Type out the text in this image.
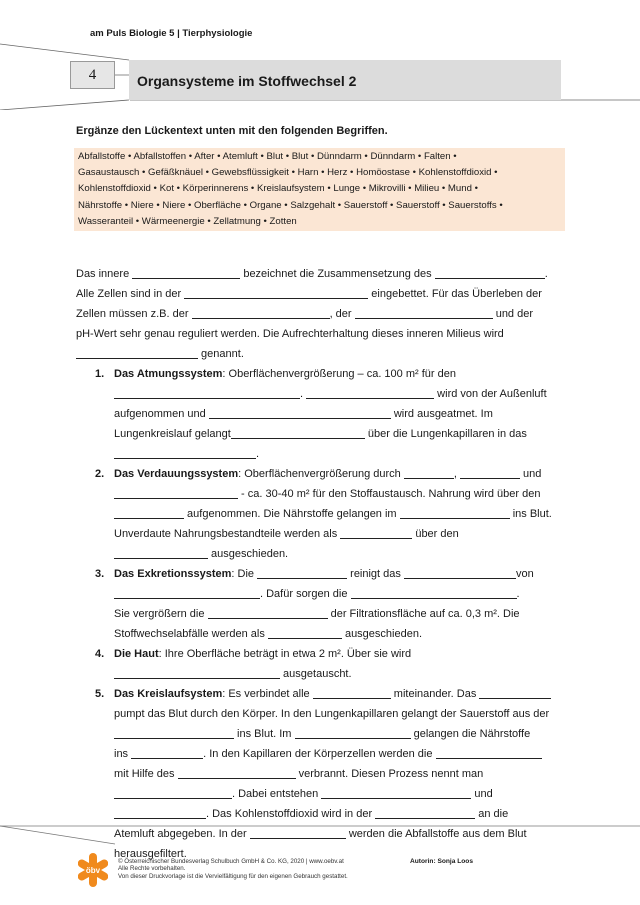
am Puls Biologie 5 | Tierphysiologie
4	Organsysteme im Stoffwechsel 2
Ergänze den Lückentext unten mit den folgenden Begriffen.
Abfallstoffe • Abfallstoffen • After • Atemluft • Blut • Blut • Dünndarm • Dünndarm • Falten •
Gasaustausch • Gefäßknäuel • Gewebsflüssigkeit • Harn • Herz • Homöostase • Kohlenstoffdioxid •
Kohlenstoffdioxid • Kot • Körperinnerens • Kreislaufsystem • Lunge • Mikrovilli • Milieu • Mund •
Nährstoffe • Niere • Niere • Oberfläche • Organe • Salzgehalt • Sauerstoff • Sauerstoff • Sauerstoffs •
Wasseranteil • Wärmeenergie • Zellatmung • Zotten
Das innere	bezeichnet die Zusammensetzung des	.
Alle Zellen sind in der	eingebettet. Für das Überleben der
Zellen müssen z.B. der	, der	und der
pH-Wert sehr genau reguliert werden. Die Aufrechterhaltung dieses inneren Milieus wird
genannt.
1. Das Atmungssystem: Oberflächenvergrößerung – ca. 100 m² für den
.	wird von der Außenluft
aufgenommen und	wird ausgeatmet. Im
Lungenkreislauf gelangt	über die Lungenkapillaren in das
.
2. Das Verdauungssystem: Oberflächenvergrößerung durch	,	und
- ca. 30-40 m² für den Stoffaustausch. Nahrung wird über den
aufgenommen. Die Nährstoffe gelangen im	ins Blut.
Unverdaute Nahrungsbestandteile werden als	über den
ausgeschieden.
3. Das Exkretionssystem: Die	reinigt das	von
. Dafür sorgen die	.
Sie vergrößern die	der Filtrationsfläche auf ca. 0,3 m². Die
Stoffwechselabfälle werden als	ausgeschieden.
4. Die Haut: Ihre Oberfläche beträgt in etwa 2 m². Über sie wird
ausgetauscht.
5. Das Kreislaufsystem: Es verbindet alle	miteinander. Das
pumpt das Blut durch den Körper. In den Lungenkapillaren gelangt der Sauerstoff aus der
ins Blut. Im	gelangen die Nährstoffe
ins	. In den Kapillaren der Körperzellen werden die
mit Hilfe des	verbrannt. Diesen Prozess nennt man
. Dabei entstehen	und
. Das Kohlenstoffdioxid wird in der	an die
Atemluft abgegeben. In der	werden die Abfallstoffe aus dem Blut
herausgefiltert.
öbv
© Österreichischer Bundesverlag Schulbuch GmbH & Co. KG, 2020 | www.oebv.at
Alle Rechte vorbehalten.
Von dieser Druckvorlage ist die Vervielfältigung für den eigenen Gebrauch gestattet.
Autorin: Sonja Loos
